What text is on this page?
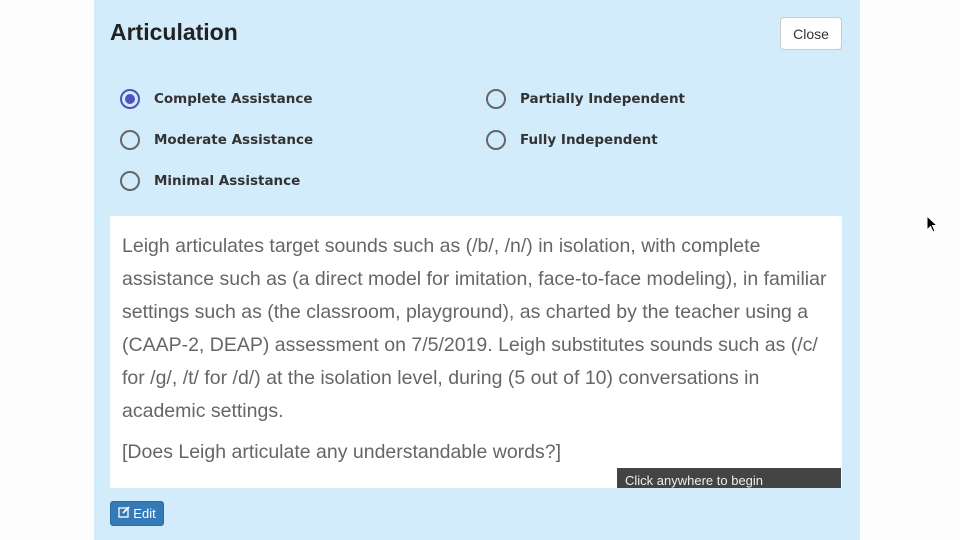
Articulation	Close
Complete Assistance
Moderate Assistance
Minimal Assistance
Partially Independent
Fully Independent

Leigh articulates target sounds such as (/b/, /n/) in isolation, with complete assistance such as (a direct model for imitation, face-to-face modeling), in familiar settings such as (the classroom, playground), as charted by the teacher using a (CAAP-2, DEAP) assessment on 7/5/2019. Leigh substitutes sounds such as (/c/ for /g/, /t/ for /d/) at the isolation level, during (5 out of 10) conversations in academic settings.

[Does Leigh articulate any understandable words?]

Click anywhere to begin
Edit
